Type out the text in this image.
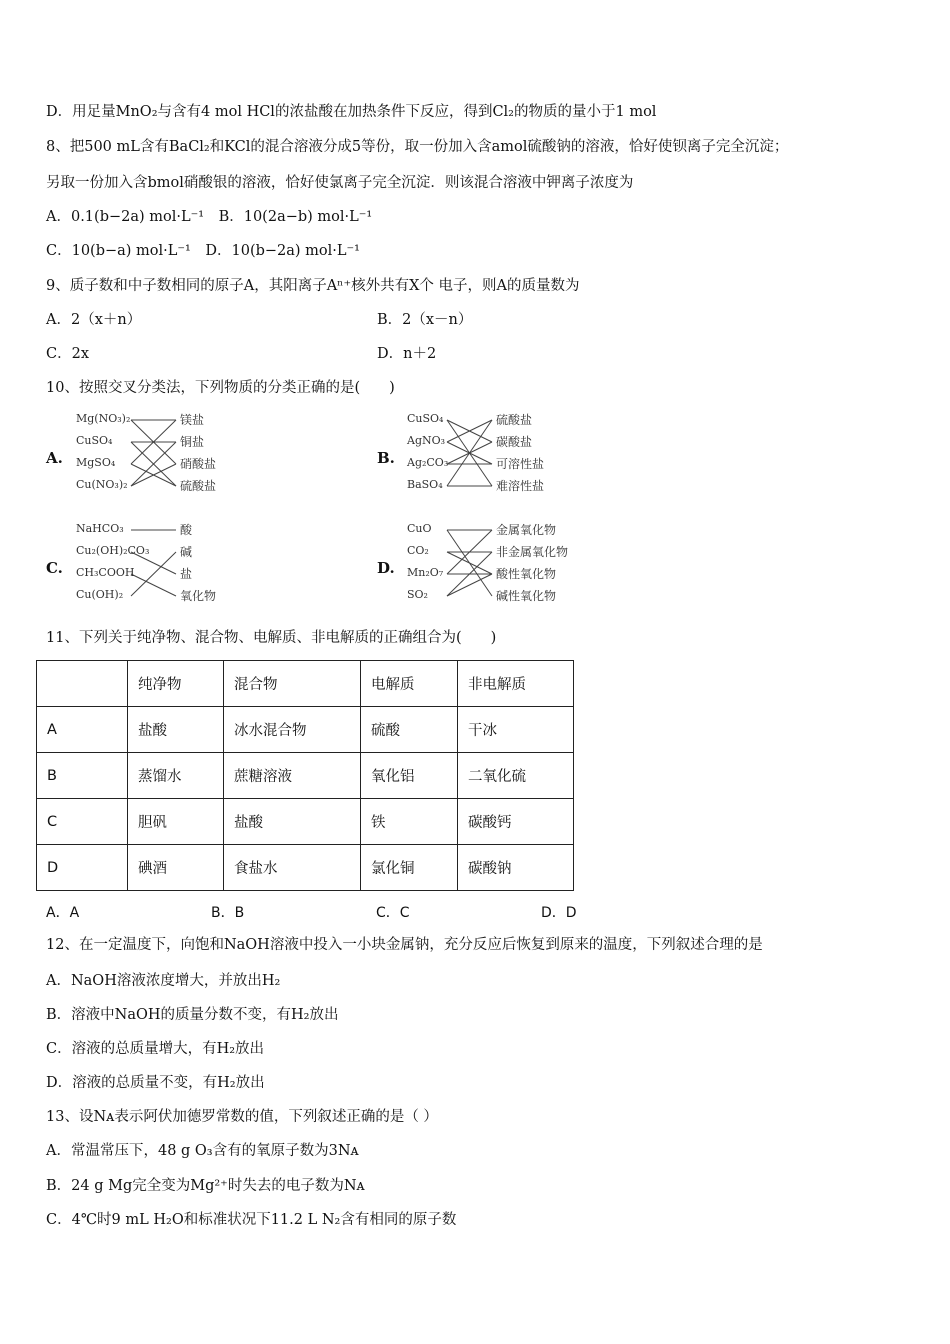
D．用足量MnO₂与含有4 mol HCl的浓盐酸在加热条件下反应，得到Cl₂的物质的量小于1 mol
8、把500 mL含有BaCl₂和KCl的混合溶液分成5等份，取一份加入含amol硫酸钠的溶液，恰好使钡离子完全沉淀；
另取一份加入含bmol硝酸银的溶液，恰好使氯离子完全沉淀．则该混合溶液中钾离子浓度为
A．0.1(b−2a) mol·L⁻¹　B．10(2a−b) mol·L⁻¹
C．10(b−a) mol·L⁻¹　D．10(b−2a) mol·L⁻¹
9、质子数和中子数相同的原子A，其阳离子Aⁿ⁺核外共有X个 电子，则A的质量数为
A．2（x＋n）	B．2（x－n）
C．2x	D．n＋2
10、按照交叉分类法，下列物质的分类正确的是(　　)
A.
Mg(NO₃)₂
CuSO₄
MgSO₄
Cu(NO₃)₂
镁盐
铜盐
硝酸盐
硫酸盐
B.
CuSO₄
AgNO₃
Ag₂CO₃
BaSO₄
硫酸盐
碳酸盐
可溶性盐
难溶性盐
C.
NaHCO₃
Cu₂(OH)₂CO₃
CH₃COOH
Cu(OH)₂
酸
碱
盐
氧化物
D.
CuO
CO₂
Mn₂O₇
SO₂
金属氧化物
非金属氧化物
酸性氧化物
碱性氧化物
11、下列关于纯净物、混合物、电解质、非电解质的正确组合为(　　)
	纯净物	混合物	电解质	非电解质
A	盐酸	冰水混合物	硫酸	干冰
B	蒸馏水	蔗糖溶液	氧化铝	二氧化硫
C	胆矾	盐酸	铁	碳酸钙
D	碘酒	食盐水	氯化铜	碳酸钠
A．A	B．B	C．C	D．D
12、在一定温度下，向饱和NaOH溶液中投入一小块金属钠，充分反应后恢复到原来的温度，下列叙述合理的是
A．NaOH溶液浓度增大，并放出H₂
B．溶液中NaOH的质量分数不变，有H₂放出
C．溶液的总质量增大，有H₂放出
D．溶液的总质量不变，有H₂放出
13、设Nᴀ表示阿伏加德罗常数的值，下列叙述正确的是（ ）
A．常温常压下，48 g O₃含有的氧原子数为3Nᴀ
B．24 g Mg完全变为Mg²⁺时失去的电子数为Nᴀ
C．4℃时9 mL H₂O和标准状况下11.2 L N₂含有相同的原子数
